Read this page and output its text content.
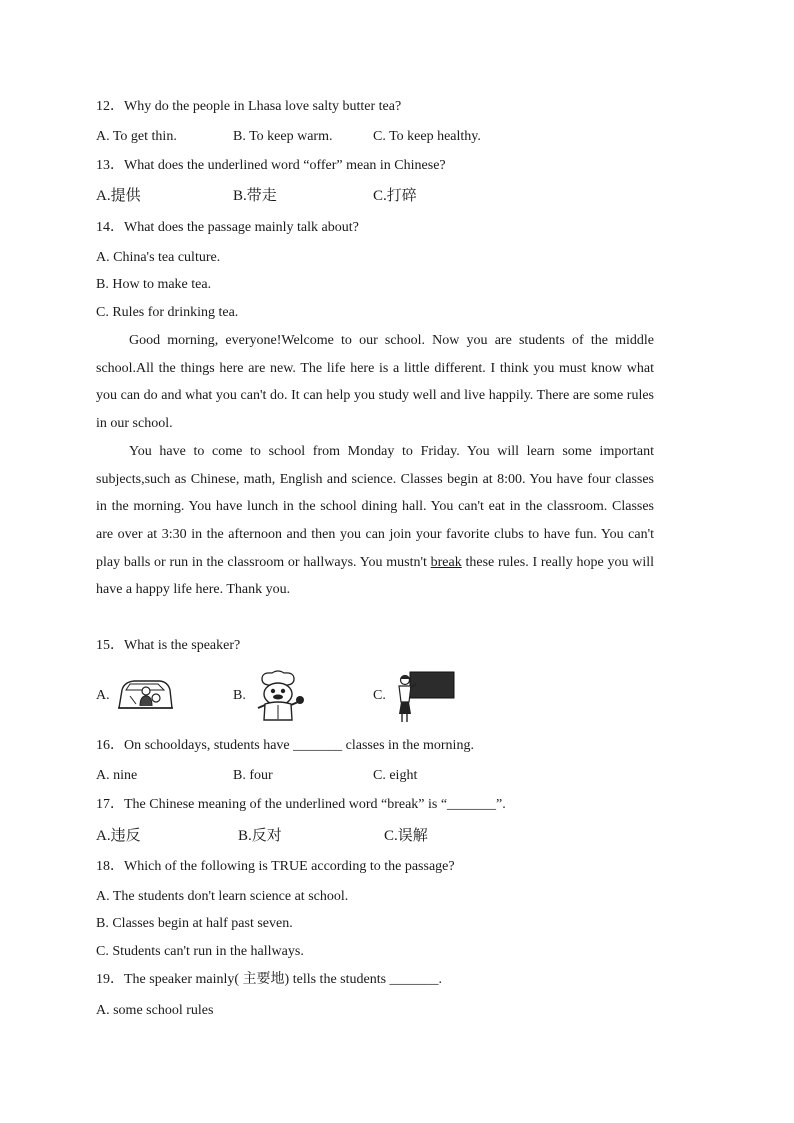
12．Why do the people in Lhasa love salty butter tea?
A. To get thin.	B. To keep warm.	C. To keep healthy.
13．What does the underlined word “offer” mean in Chinese?
A.提供	B.带走	C.打碎
14．What does the passage mainly talk about?
A. China's tea culture.
B. How to make tea.
C. Rules for drinking tea.

Good morning, everyone!Welcome to our school. Now you are students of the middle school.All the things here are new. The life here is a little different. I think you must know what you can do and what you can't do. It can help you study well and live happily. There are some rules in our school.

You have to come to school from Monday to Friday. You will learn some important subjects,such as Chinese, math, English and science. Classes begin at 8:00. You have four classes in the morning. You have lunch in the school dining hall. You can't eat in the classroom. Classes are over at 3:30 in the afternoon and then you can join your favorite clubs to have fun. You can't play balls or run in the classroom or hallways. You mustn't break these rules. I really hope you will have a happy life here. Thank you.

15．What is the speaker?
A.	B.	C.
16．On schooldays, students have _______ classes in the morning.
A. nine	B. four	C. eight
17．The Chinese meaning of the underlined word “break” is “_______”.
A.违反	B.反对	C.误解
18．Which of the following is TRUE according to the passage?
A. The students don't learn science at school.
B. Classes begin at half past seven.
C. Students can't run in the hallways.
19．The speaker mainly( 主要地) tells the students _______.
A. some school rules
